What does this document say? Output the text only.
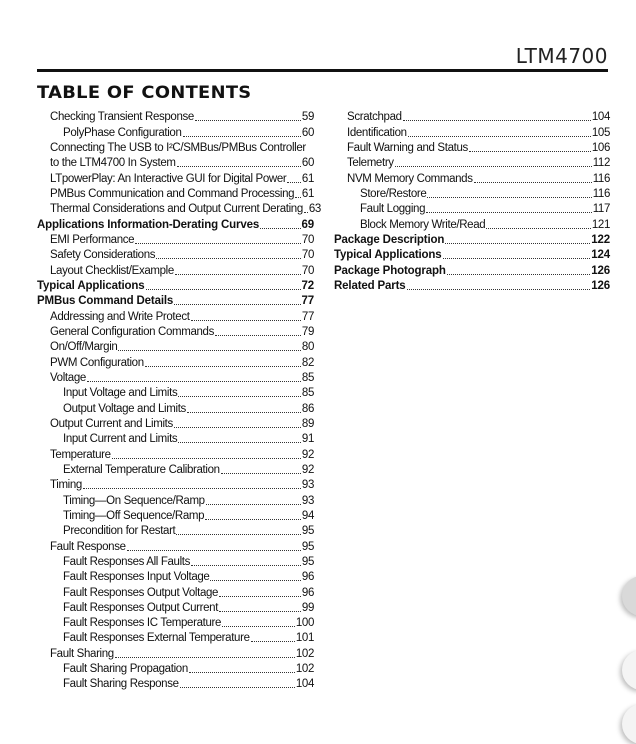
LTM4700
TABLE OF CONTENTS
Checking Transient Response	59
PolyPhase Configuration	60
Connecting The USB to I²C/SMBus/PMBus Controller
to the LTM4700 In System	60
LTpowerPlay: An Interactive GUI for Digital Power 61
PMBus Communication and Command Processing 61
Thermal Considerations and Output Current Derating 63
Applications Information-Derating Curves	69
EMI Performance	70
Safety Considerations	70
Layout Checklist/Example	70
Typical Applications	72
PMBus Command Details	77
Addressing and Write Protect	77
General Configuration Commands	79
On/Off/Margin	80
PWM Configuration	82
Voltage	85
Input Voltage and Limits	85
Output Voltage and Limits	86
Output Current and Limits	89
Input Current and Limits	91
Temperature	92
External Temperature Calibration	92
Timing	93
Timing—On Sequence/Ramp	93
Timing—Off Sequence/Ramp	94
Precondition for Restart	95
Fault Response	95
Fault Responses All Faults	95
Fault Responses Input Voltage	96
Fault Responses Output Voltage	96
Fault Responses Output Current	99
Fault Responses IC Temperature	100
Fault Responses External Temperature	101
Fault Sharing	102
Fault Sharing Propagation	102
Fault Sharing Response	104
Scratchpad	104
Identification	105
Fault Warning and Status	106
Telemetry	112
NVM Memory Commands	116
Store/Restore	116
Fault Logging	117
Block Memory Write/Read	121
Package Description	122
Typical Applications	124
Package Photograph	126
Related Parts	126
